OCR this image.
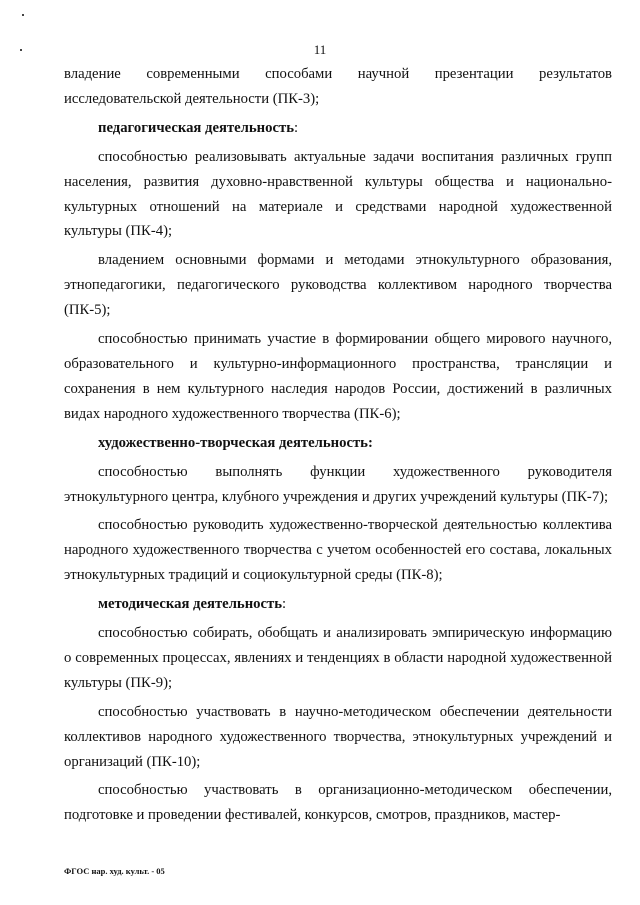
11

владение современными способами научной презентации результатов исследовательской деятельности (ПК-3);

педагогическая деятельность:

способностью реализовывать актуальные задачи воспитания различных групп населения, развития духовно-нравственной культуры общества и национально-культурных отношений на материале и средствами народной художественной культуры (ПК-4);

владением основными формами и методами этнокультурного образования, этнопедагогики, педагогического руководства коллективом народного творчества (ПК-5);

способностью принимать участие в формировании общего мирового научного, образовательного и культурно-информационного пространства, трансляции и сохранения в нем культурного наследия народов России, достижений в различных видах народного художественного творчества (ПК-6);

художественно-творческая деятельность:

способностью выполнять функции художественного руководителя этнокультурного центра, клубного учреждения и других учреждений культуры (ПК-7);

способностью руководить художественно-творческой деятельностью коллектива народного художественного творчества с учетом особенностей его состава, локальных этнокультурных традиций и социокультурной среды (ПК-8);

методическая деятельность:

способностью собирать, обобщать и анализировать эмпирическую информацию о современных процессах, явлениях и тенденциях в области народной художественной культуры (ПК-9);

способностью участвовать в научно-методическом обеспечении деятельности коллективов народного художественного творчества, этнокультурных учреждений и организаций (ПК-10);

способностью участвовать в организационно-методическом обеспечении, подготовке и проведении фестивалей, конкурсов, смотров, праздников, мастер-

ФГОС нар. худ. культ. - 05
